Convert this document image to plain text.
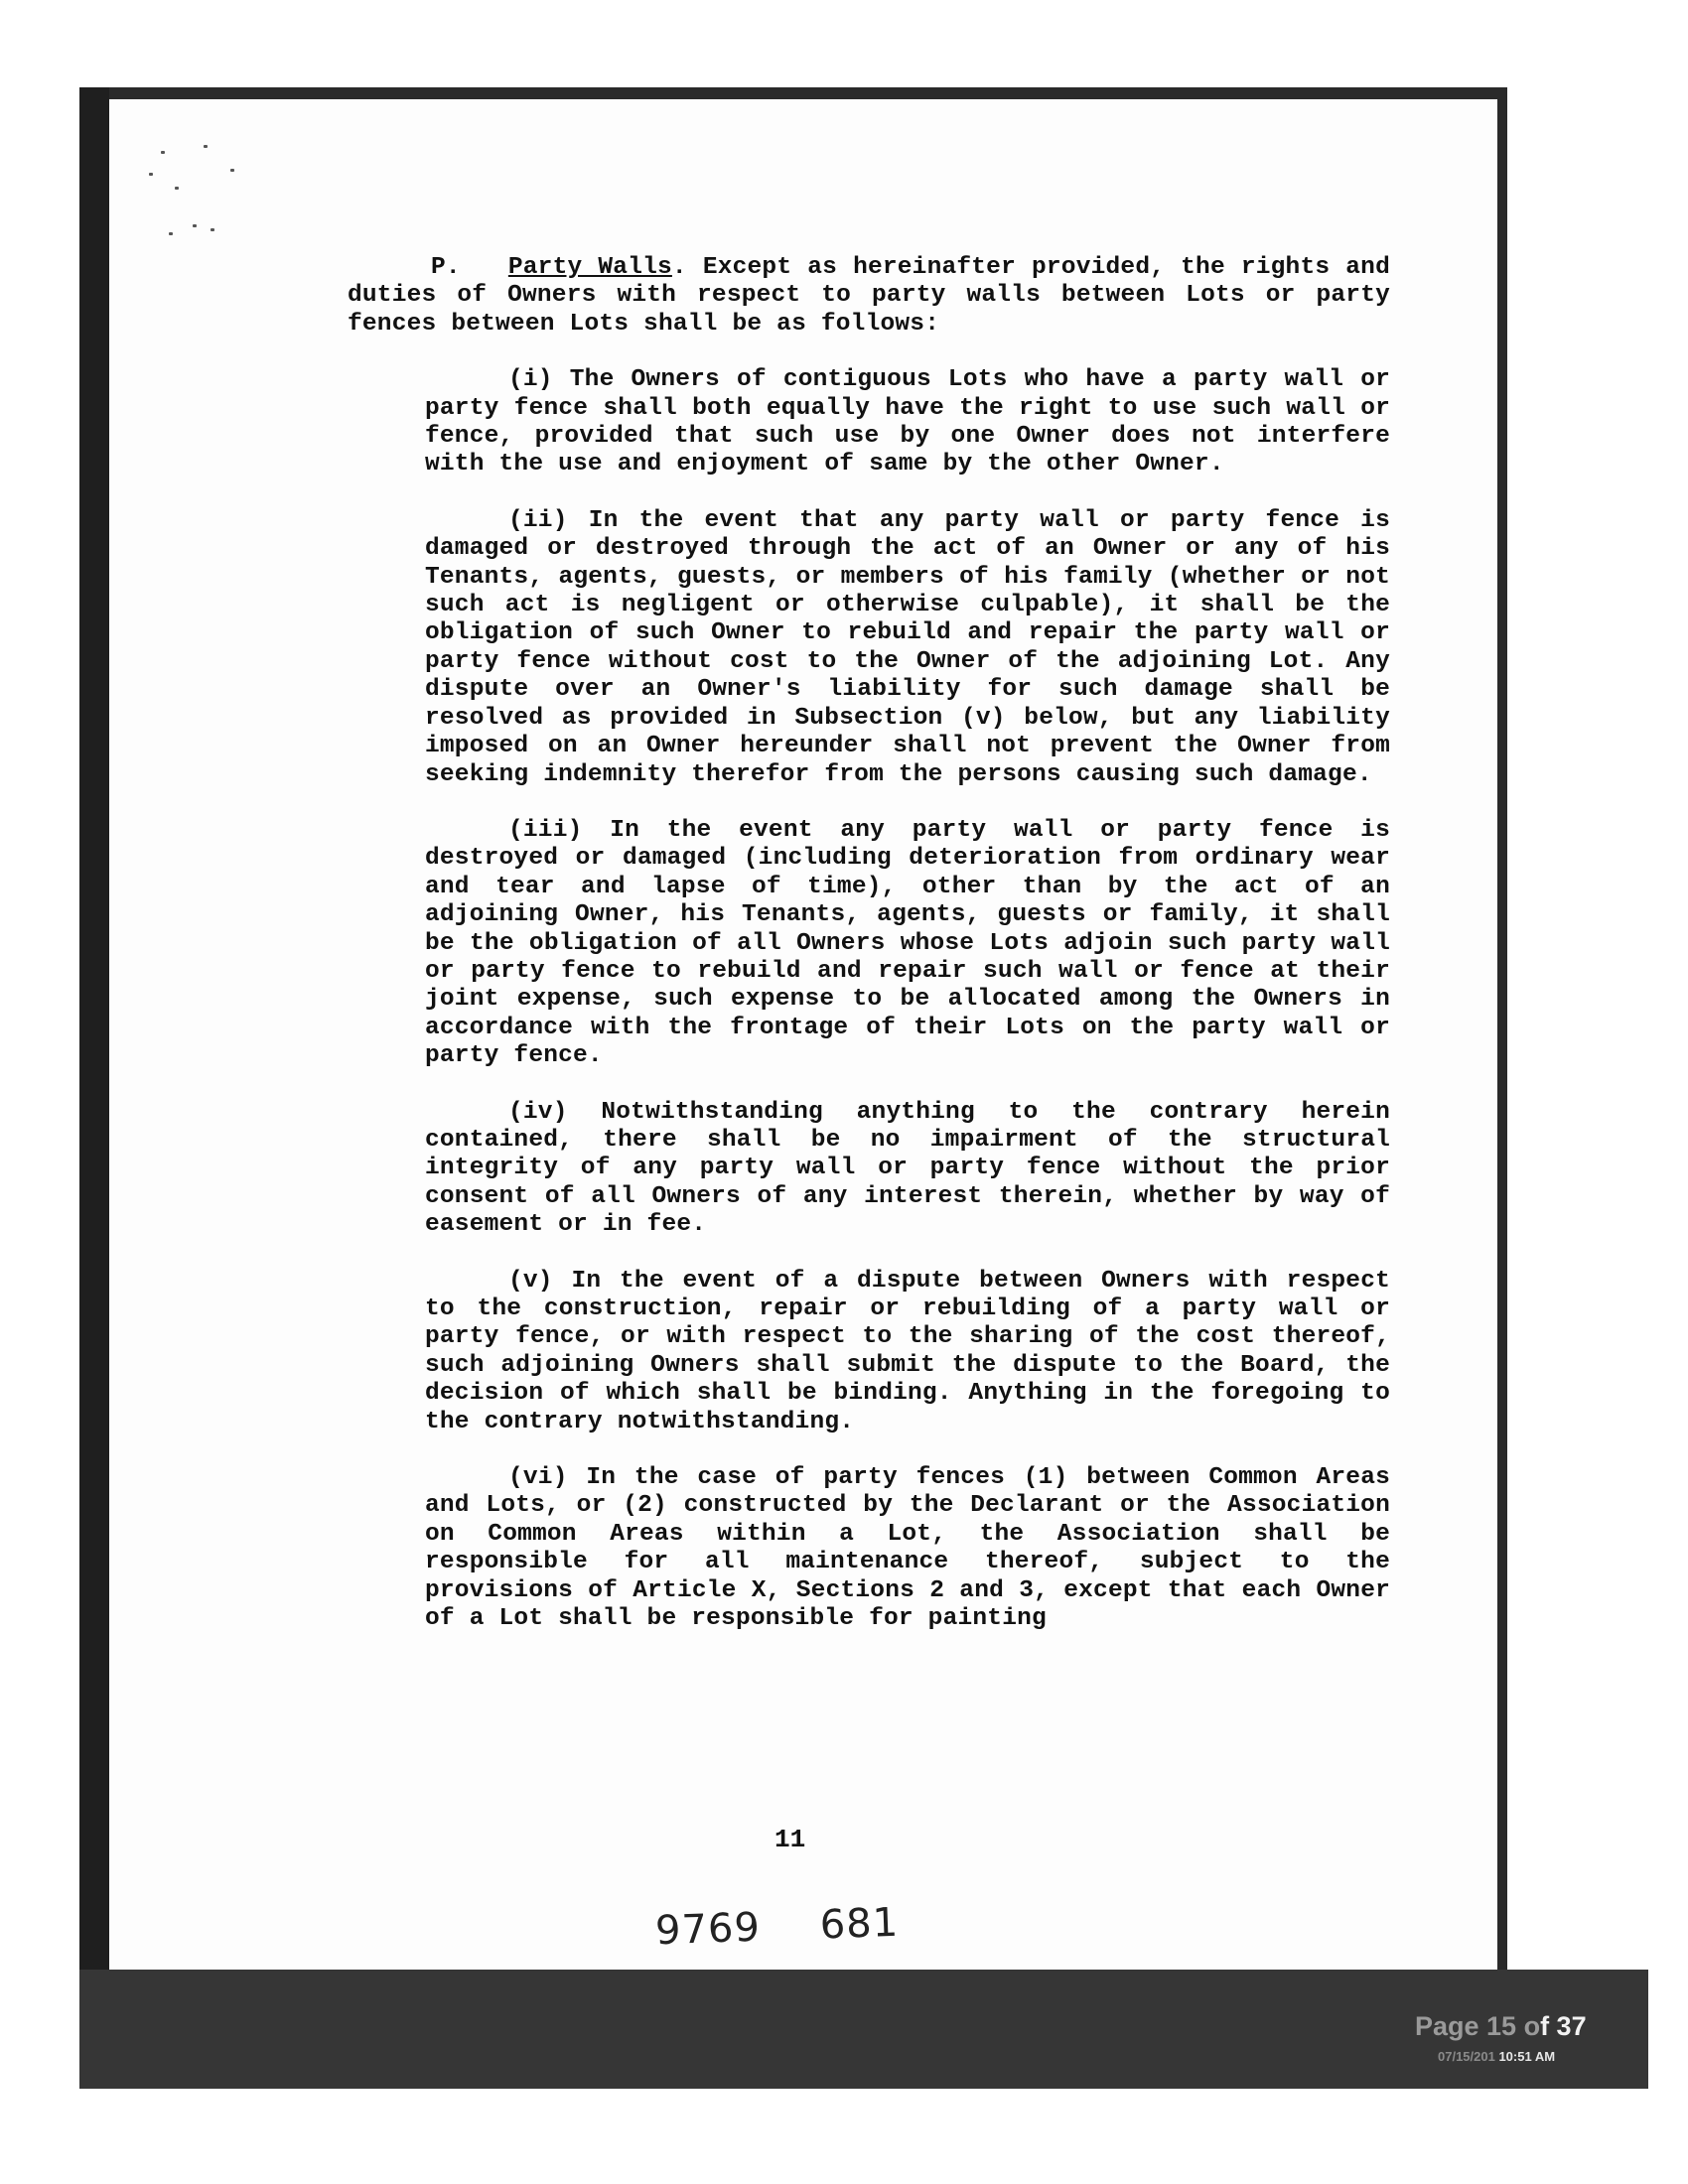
P. Party Walls. Except as hereinafter provided, the rights and duties of Owners with respect to party walls between Lots or party fences between Lots shall be as follows:

(i) The Owners of contiguous Lots who have a party wall or party fence shall both equally have the right to use such wall or fence, provided that such use by one Owner does not interfere with the use and enjoyment of same by the other Owner.

(ii) In the event that any party wall or party fence is damaged or destroyed through the act of an Owner or any of his Tenants, agents, guests, or members of his family (whether or not such act is negligent or otherwise culpable), it shall be the obligation of such Owner to rebuild and repair the party wall or party fence without cost to the Owner of the adjoining Lot. Any dispute over an Owner's liability for such damage shall be resolved as provided in Subsection (v) below, but any liability imposed on an Owner hereunder shall not prevent the Owner from seeking indemnity therefor from the persons causing such damage.

(iii) In the event any party wall or party fence is destroyed or damaged (including deterioration from ordinary wear and tear and lapse of time), other than by the act of an adjoining Owner, his Tenants, agents, guests or family, it shall be the obligation of all Owners whose Lots adjoin such party wall or party fence to rebuild and repair such wall or fence at their joint expense, such expense to be allocated among the Owners in accordance with the frontage of their Lots on the party wall or party fence.

(iv) Notwithstanding anything to the contrary herein contained, there shall be no impairment of the structural integrity of any party wall or party fence without the prior consent of all Owners of any interest therein, whether by way of easement or in fee.

(v) In the event of a dispute between Owners with respect to the construction, repair or rebuilding of a party wall or party fence, or with respect to the sharing of the cost thereof, such adjoining Owners shall submit the dispute to the Board, the decision of which shall be binding. Anything in the foregoing to the contrary notwithstanding.

(vi) In the case of party fences (1) between Common Areas and Lots, or (2) constructed by the Declarant or the Association on Common Areas within a Lot, the Association shall be responsible for all maintenance thereof, subject to the provisions of Article X, Sections 2 and 3, except that each Owner of a Lot shall be responsible for painting

11
9769 681
Page 15 of 37
07/15/201 10:51 AM
